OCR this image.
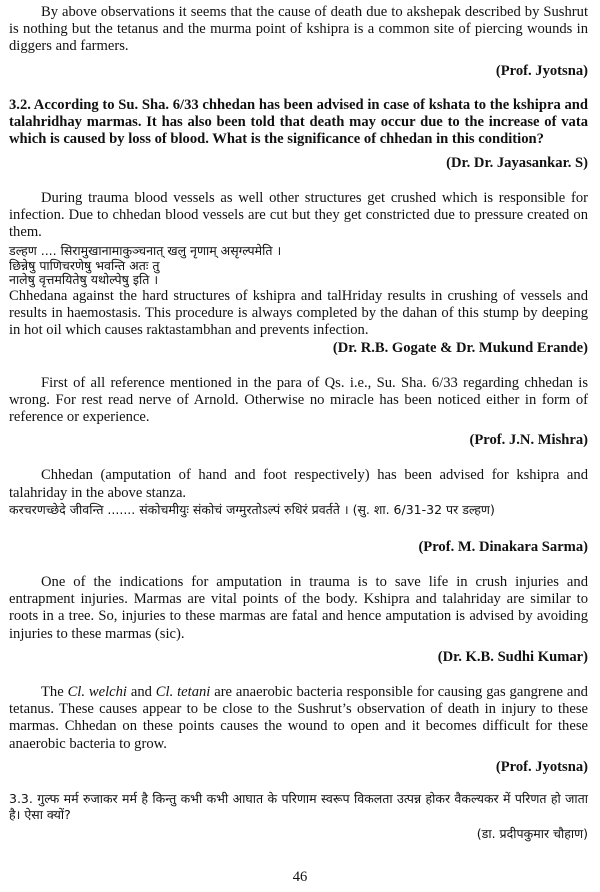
By above observations it seems that the cause of death due to akshepak described by Sushrut is nothing but the tetanus and the murma point of kshipra is a common site of piercing wounds in diggers and farmers.

(Prof. Jyotsna)

3.2. According to Su. Sha. 6/33 chhedan has been advised in case of kshata to the kshipra and talahridhay marmas. It has also been told that death may occur due to the increase of vata which is caused by loss of blood. What is the significance of chhedan in this condition?

(Dr. Dr. Jayasankar. S)

During trauma blood vessels as well other structures get crushed which is responsible for infection. Due to chhedan blood vessels are cut but they get constricted due to pressure created on them.

डल्हण .... सिरामुखानामाकुञ्चनात् खलु नृणाम् असृग्ल्पमेति ।

छिन्नेषु पाणिचरणेषु भवन्ति अतः तु

नालेषु वृत्तमयितेषु यथोल्पेषु इति ।

Chhedana against the hard structures of kshipra and talHriday results in crushing of vessels and results in haemostasis. This procedure is always completed by the dahan of this stump by deeping in hot oil which causes raktastambhan and prevents infection.

(Dr. R.B. Gogate & Dr. Mukund Erande)

First of all reference mentioned in the para of Qs. i.e., Su. Sha. 6/33 regarding chhedan is wrong. For rest read nerve of Arnold. Otherwise no miracle has been noticed either in form of reference or experience.

(Prof. J.N. Mishra)

Chhedan (amputation of hand and foot respectively) has been advised for kshipra and talahriday in the above stanza.

करचरणच्छेदे जीवन्ति ....... संकोचमीयुः संकोचं जग्मुरतोऽल्पं रुधिरं प्रवर्तते । (सु. शा. 6/31-32 पर डल्हण)

(Prof. M. Dinakara Sarma)

One of the indications for amputation in trauma is to save life in crush injuries and entrapment injuries. Marmas are vital points of the body. Kshipra and talahriday are similar to roots in a tree. So, injuries to these marmas are fatal and hence amputation is advised by avoiding injuries to these marmas (sic).

(Dr. K.B. Sudhi Kumar)

The Cl. welchi and Cl. tetani are anaerobic bacteria responsible for causing gas gangrene and tetanus. These causes appear to be close to the Sushrut’s observation of death in injury to these marmas. Chhedan on these points causes the wound to open and it becomes difficult for these anaerobic bacteria to grow.

(Prof. Jyotsna)

3.3. गुल्फ मर्म रुजाकर मर्म है किन्तु कभी कभी आघात के परिणाम स्वरूप विकलता उत्पन्न होकर वैकल्यकर में परिणत हो जाता है। ऐसा क्यों?

(डा. प्रदीपकुमार चौहाण)

46
